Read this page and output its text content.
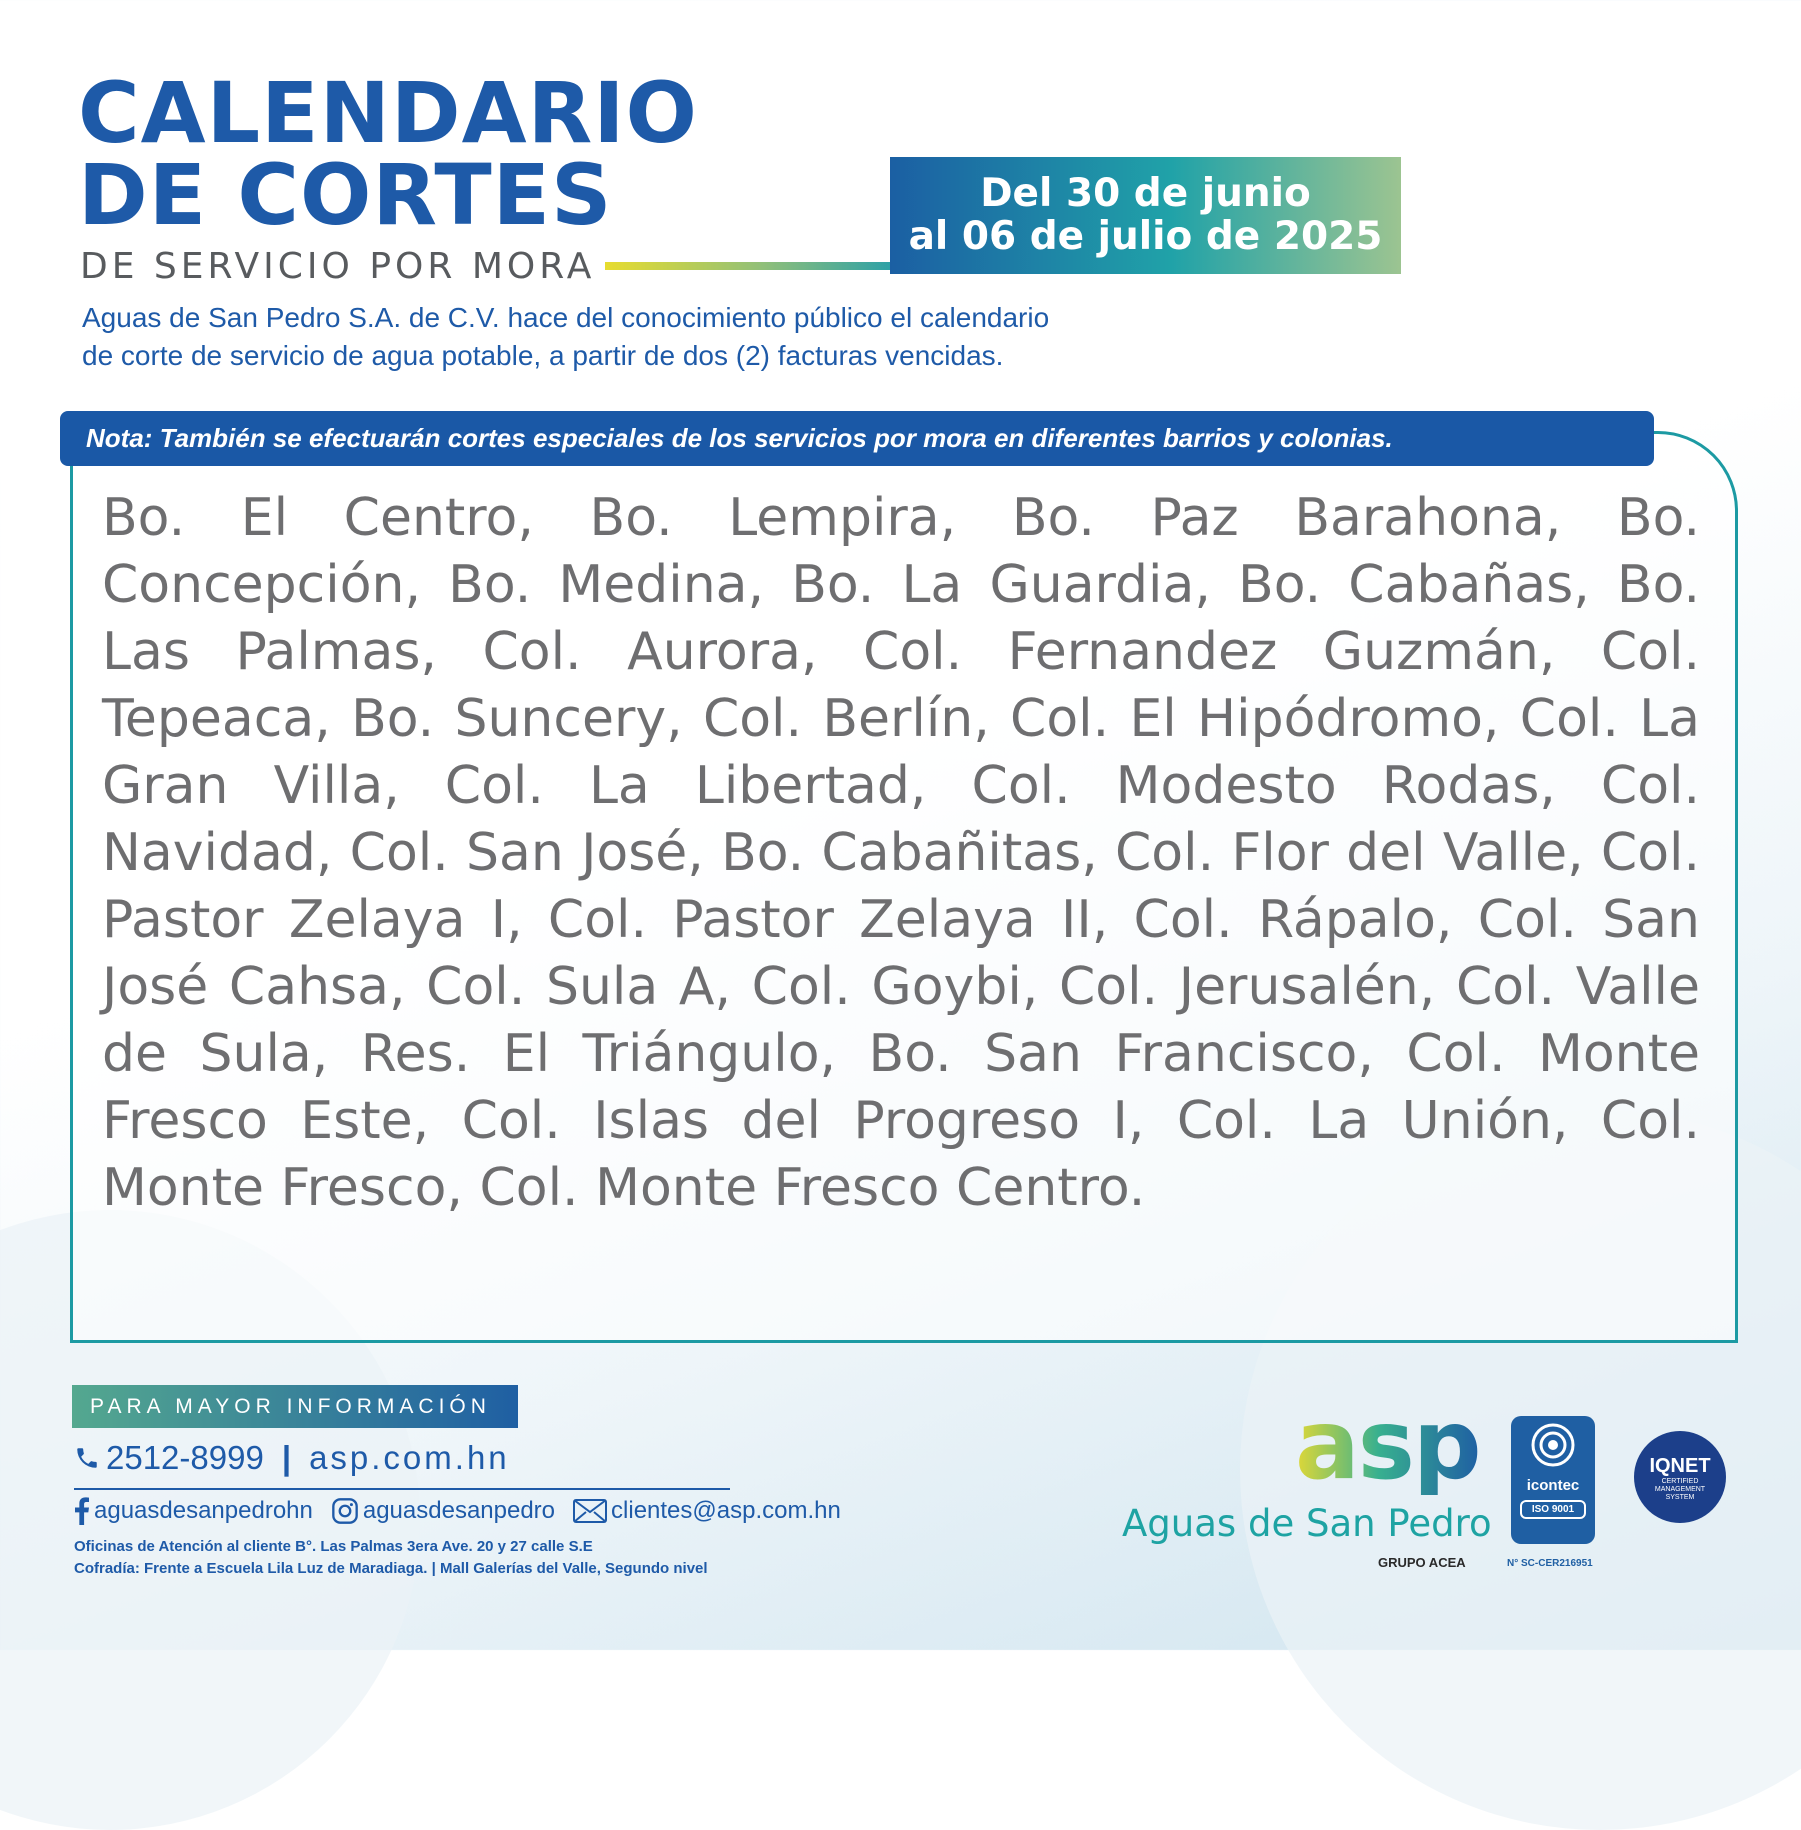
CALENDARIO
DE CORTES
DE SERVICIO POR MORA
Del 30 de junio
al 06 de julio de 2025
Aguas de San Pedro S.A. de C.V. hace del conocimiento público el calendario
de corte de servicio de agua potable, a partir de dos (2) facturas vencidas.
Nota: También se efectuarán cortes especiales de los servicios por mora en diferentes barrios y colonias.
Bo. El Centro, Bo. Lempira, Bo. Paz Barahona, Bo. Concepción, Bo. Medina, Bo. La Guardia, Bo. Cabañas, Bo. Las Palmas, Col. Aurora, Col. Fernandez Guzmán, Col. Tepeaca, Bo. Suncery, Col. Berlín, Col. El Hipódromo, Col. La Gran Villa, Col. La Libertad, Col. Modesto Rodas, Col. Navidad, Col. San José, Bo. Cabañitas, Col. Flor del Valle, Col. Pastor Zelaya I, Col. Pastor Zelaya II, Col. Rápalo, Col. San José Cahsa, Col. Sula A, Col. Goybi, Col. Jerusalén, Col. Valle de Sula, Res. El Triángulo, Bo. San Francisco, Col. Monte Fresco Este, Col. Islas del Progreso I, Col. La Unión, Col. Monte Fresco, Col. Monte Fresco Centro.
PARA MAYOR INFORMACIÓN
2512-8999 | asp.com.hn
aguasdesanpedrohn aguasdesanpedro clientes@asp.com.hn
Oficinas de Atención al cliente B°. Las Palmas 3era Ave. 20 y 27 calle S.E
Cofradía: Frente a Escuela Lila Luz de Maradiaga. | Mall Galerías del Valle, Segundo nivel
asp
Aguas de San Pedro
GRUPO ACEA
icontec
ISO 9001
N° SC-CER216951
IQNET
CERTIFIED
MANAGEMENT
SYSTEM
